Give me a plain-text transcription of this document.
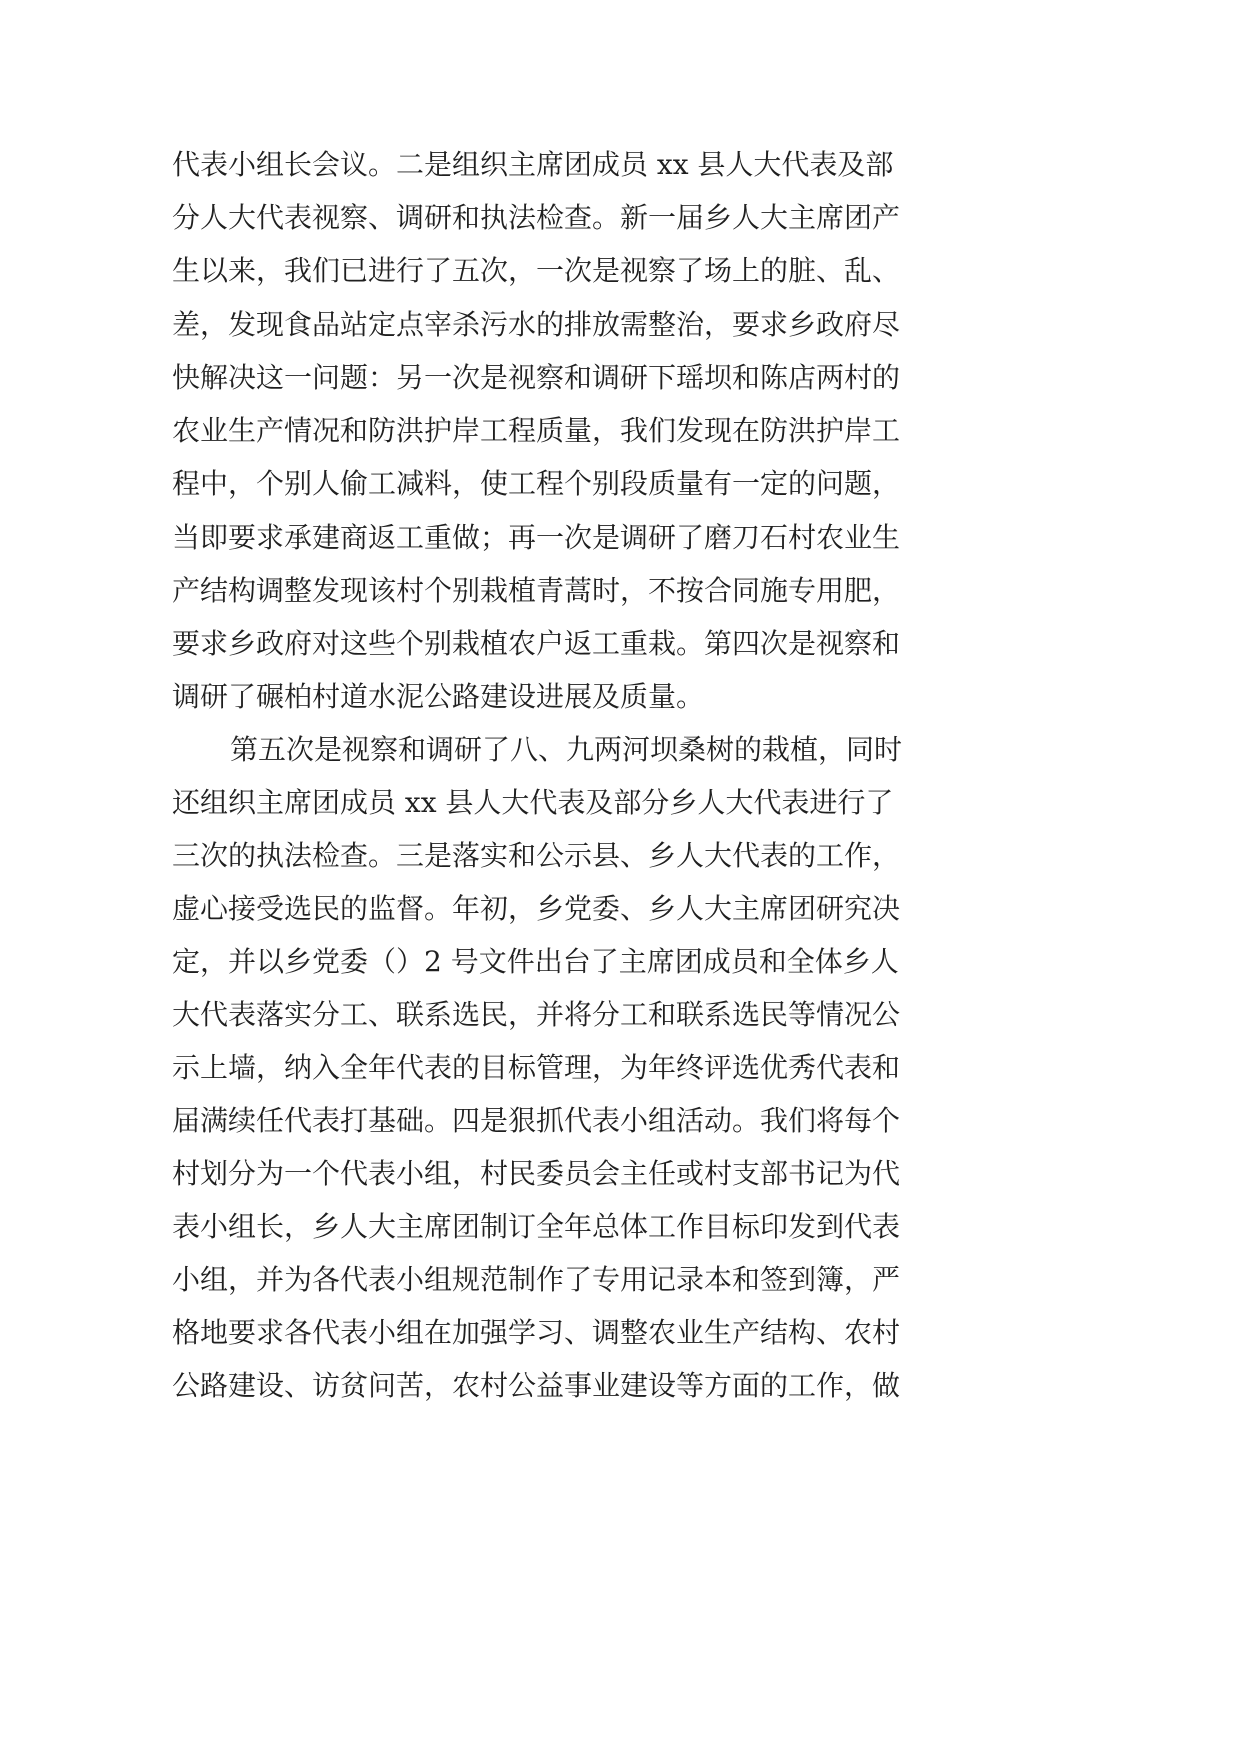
代表小组长会议。二是组织主席团成员 xx 县人大代表及部
分人大代表视察、调研和执法检查。新一届乡人大主席团产
生以来，我们已进行了五次，一次是视察了场上的脏、乱、
差，发现食品站定点宰杀污水的排放需整治，要求乡政府尽
快解决这一问题：另一次是视察和调研下瑶坝和陈店两村的
农业生产情况和防洪护岸工程质量，我们发现在防洪护岸工
程中，个别人偷工减料，使工程个别段质量有一定的问题，
当即要求承建商返工重做；再一次是调研了磨刀石村农业生
产结构调整发现该村个别栽植青蒿时，不按合同施专用肥，
要求乡政府对这些个别栽植农户返工重栽。第四次是视察和
调研了碾柏村道水泥公路建设进展及质量。
第五次是视察和调研了八、九两河坝桑树的栽植，同时
还组织主席团成员 xx 县人大代表及部分乡人大代表进行了
三次的执法检查。三是落实和公示县、乡人大代表的工作，
虚心接受选民的监督。年初，乡党委、乡人大主席团研究决
定，并以乡党委（）2 号文件出台了主席团成员和全体乡人
大代表落实分工、联系选民，并将分工和联系选民等情况公
示上墙，纳入全年代表的目标管理，为年终评选优秀代表和
届满续任代表打基础。四是狠抓代表小组活动。我们将每个
村划分为一个代表小组，村民委员会主任或村支部书记为代
表小组长，乡人大主席团制订全年总体工作目标印发到代表
小组，并为各代表小组规范制作了专用记录本和签到簿，严
格地要求各代表小组在加强学习、调整农业生产结构、农村
公路建设、访贫问苦，农村公益事业建设等方面的工作，做
